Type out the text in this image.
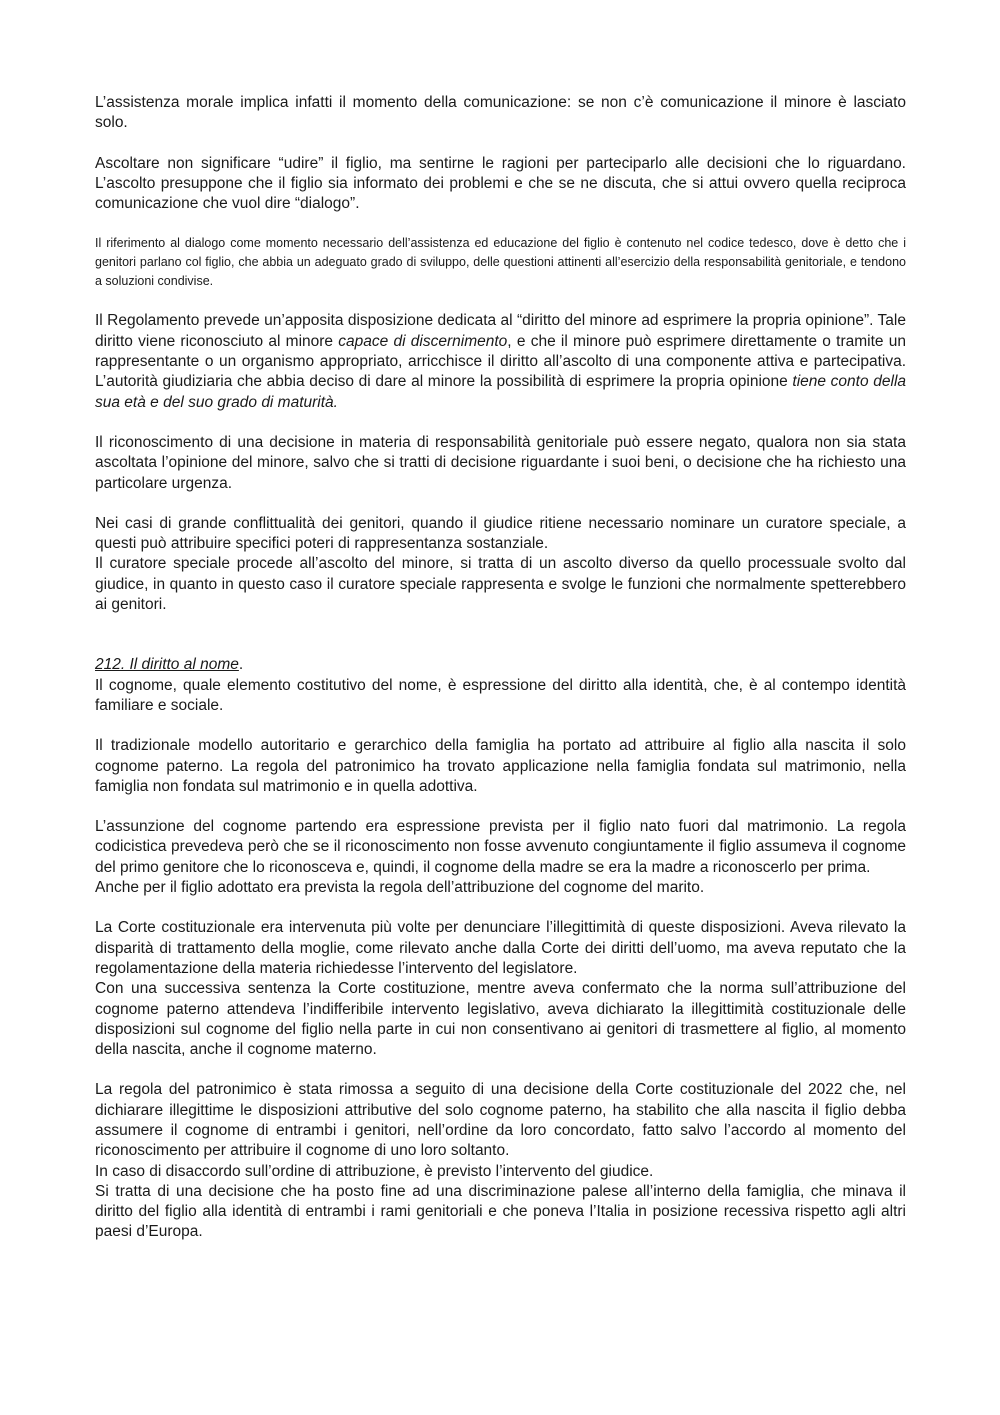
L’assistenza morale implica infatti il momento della comunicazione: se non c’è comunicazione il minore è lasciato solo.

Ascoltare non significare “udire” il figlio, ma sentirne le ragioni per parteciparlo alle decisioni che lo riguardano. L’ascolto presuppone che il figlio sia informato dei problemi e che se ne discuta, che si attui ovvero quella reciproca comunicazione che vuol dire “dialogo”.

Il riferimento al dialogo come momento necessario dell’assistenza ed educazione del figlio è contenuto nel codice tedesco, dove è detto che i genitori parlano col figlio, che abbia un adeguato grado di sviluppo, delle questioni attinenti all’esercizio della responsabilità genitoriale, e tendono a soluzioni condivise.

Il Regolamento prevede un’apposita disposizione dedicata al “diritto del minore ad esprimere la propria opinione”. Tale diritto viene riconosciuto al minore capace di discernimento, e che il minore può esprimere direttamente o tramite un rappresentante o un organismo appropriato, arricchisce il diritto all’ascolto di una componente attiva e partecipativa. L’autorità giudiziaria che abbia deciso di dare al minore la possibilità di esprimere la propria opinione tiene conto della sua età e del suo grado di maturità.

Il riconoscimento di una decisione in materia di responsabilità genitoriale può essere negato, qualora non sia stata ascoltata l’opinione del minore, salvo che si tratti di decisione riguardante i suoi beni, o decisione che ha richiesto una particolare urgenza.

Nei casi di grande conflittualità dei genitori, quando il giudice ritiene necessario nominare un curatore speciale, a questi può attribuire specifici poteri di rappresentanza sostanziale.

Il curatore speciale procede all’ascolto del minore, si tratta di un ascolto diverso da quello processuale svolto dal giudice, in quanto in questo caso il curatore speciale rappresenta e svolge le funzioni che normalmente spetterebbero ai genitori.

212. Il diritto al nome.

Il cognome, quale elemento costitutivo del nome, è espressione del diritto alla identità, che, è al contempo identità familiare e sociale.

Il tradizionale modello autoritario e gerarchico della famiglia ha portato ad attribuire al figlio alla nascita il solo cognome paterno. La regola del patronimico ha trovato applicazione nella famiglia fondata sul matrimonio, nella famiglia non fondata sul matrimonio e in quella adottiva.

L’assunzione del cognome partendo era espressione prevista per il figlio nato fuori dal matrimonio. La regola codicistica prevedeva però che se il riconoscimento non fosse avvenuto congiuntamente il figlio assumeva il cognome del primo genitore che lo riconosceva e, quindi, il cognome della madre se era la madre a riconoscerlo per prima.

Anche per il figlio adottato era prevista la regola dell’attribuzione del cognome del marito.

La Corte costituzionale era intervenuta più volte per denunciare l’illegittimità di queste disposizioni. Aveva rilevato la disparità di trattamento della moglie, come rilevato anche dalla Corte dei diritti dell’uomo, ma aveva reputato che la regolamentazione della materia richiedesse l’intervento del legislatore.

Con una successiva sentenza la Corte costituzione, mentre aveva confermato che la norma sull’attribuzione del cognome paterno attendeva l’indifferibile intervento legislativo, aveva dichiarato la illegittimità costituzionale delle disposizioni sul cognome del figlio nella parte in cui non consentivano ai genitori di trasmettere al figlio, al momento della nascita, anche il cognome materno.

La regola del patronimico è stata rimossa a seguito di una decisione della Corte costituzionale del 2022 che, nel dichiarare illegittime le disposizioni attributive del solo cognome paterno, ha stabilito che alla nascita il figlio debba assumere il cognome di entrambi i genitori, nell’ordine da loro concordato, fatto salvo l’accordo al momento del riconoscimento per attribuire il cognome di uno loro soltanto.

In caso di disaccordo sull’ordine di attribuzione, è previsto l’intervento del giudice.

Si tratta di una decisione che ha posto fine ad una discriminazione palese all’interno della famiglia, che minava il diritto del figlio alla identità di entrambi i rami genitoriali e che poneva l’Italia in posizione recessiva rispetto agli altri paesi d’Europa.
